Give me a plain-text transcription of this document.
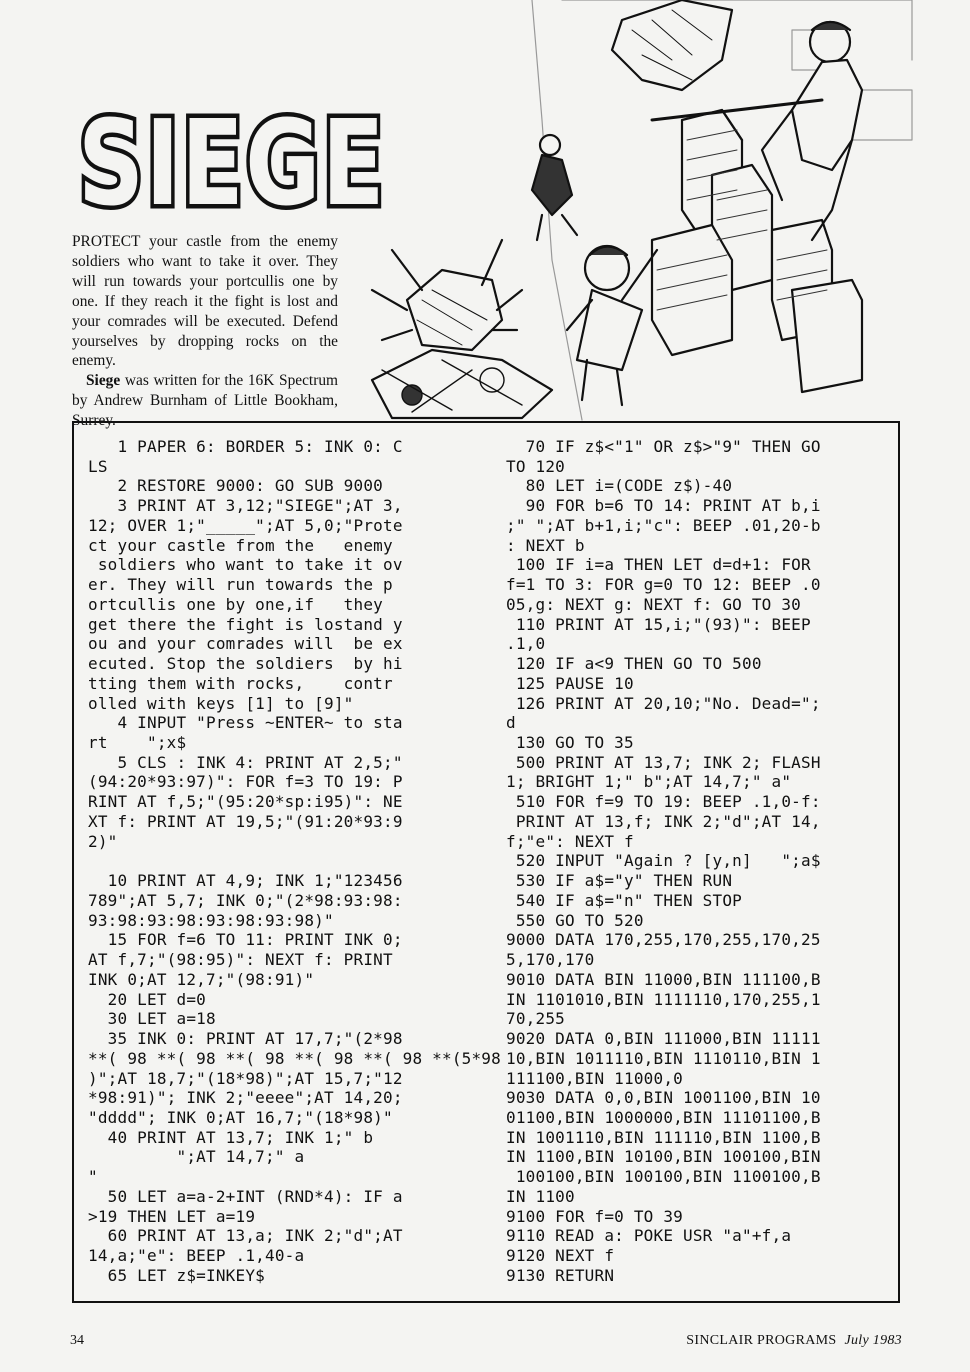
SIEGE

PROTECT your castle from the enemy soldiers who want to take it over. They will run towards your portcullis one by one. If they reach it the fight is lost and your comrades will be executed. Defend yourselves by dropping rocks on the enemy.

Siege was written for the 16K Spectrum by Andrew Burnham of Little Bookham, Surrey.

1 PAPER 6: BORDER 5: INK 0: C
LS
2 RESTORE 9000: GO SUB 9000
3 PRINT AT 3,12;"SIEGE";AT 3,
12; OVER 1;"_____";AT 5,0;"Prote
ct your castle from the   enemy
soldiers who want to take it ov
er. They will run towards the p
ortcullis one by one,if   they
get there the fight is lostand y
ou and your comrades will  be ex
ecuted. Stop the soldiers  by hi
tting them with rocks,    contr
olled with keys [1] to [9]"
4 INPUT "Press ~ENTER~ to sta
rt    ";x$
5 CLS : INK 4: PRINT AT 2,5;"
(94:20*93:97)": FOR f=3 TO 19: P
RINT AT f,5;"(95:20*sp:i95)": NE
XT f: PRINT AT 19,5;"(91:20*93:9
2)"
10 PRINT AT 4,9; INK 1;"123456
789";AT 5,7; INK 0;"(2*98:93:98:
93:98:93:98:93:98:93:98)"
15 FOR f=6 TO 11: PRINT INK 0;
AT f,7;"(98:95)": NEXT f: PRINT
INK 0;AT 12,7;"(98:91)"
20 LET d=0
30 LET a=18
35 INK 0: PRINT AT 17,7;"(2*98
**( 98 **( 98 **( 98 **( 98 **( 98 **(5*98
)";AT 18,7;"(18*98)";AT 15,7;"12
*98:91)"; INK 2;"eeee";AT 14,20;
"dddd"; INK 0;AT 16,7;"(18*98)"
40 PRINT AT 13,7; INK 1;" b
";AT 14,7;" a
"
50 LET a=a-2+INT (RND*4): IF a
>19 THEN LET a=19
60 PRINT AT 13,a; INK 2;"d";AT
14,a;"e": BEEP .1,40-a
65 LET z$=INKEY$
70 IF z$<"1" OR z$>"9" THEN GO
TO 120
80 LET i=(CODE z$)-40
90 FOR b=6 TO 14: PRINT AT b,i
;" ";AT b+1,i;"c": BEEP .01,20-b
: NEXT b
100 IF i=a THEN LET d=d+1: FOR
f=1 TO 3: FOR g=0 TO 12: BEEP .0
05,g: NEXT g: NEXT f: GO TO 30
110 PRINT AT 15,i;"(93)": BEEP
.1,0
120 IF a<9 THEN GO TO 500
125 PAUSE 10
126 PRINT AT 20,10;"No. Dead=";
d
130 GO TO 35
500 PRINT AT 13,7; INK 2; FLASH
1; BRIGHT 1;" b";AT 14,7;" a"
510 FOR f=9 TO 19: BEEP .1,0-f:
PRINT AT 13,f; INK 2;"d";AT 14,
f;"e": NEXT f
520 INPUT "Again ? [y,n]   ";a$
530 IF a$="y" THEN RUN
540 IF a$="n" THEN STOP
550 GO TO 520
9000 DATA 170,255,170,255,170,25
5,170,170
9010 DATA BIN 11000,BIN 111100,B
IN 1101010,BIN 1111110,170,255,1
70,255
9020 DATA 0,BIN 111000,BIN 11111
10,BIN 1011110,BIN 1110110,BIN 1
111100,BIN 11000,0
9030 DATA 0,0,BIN 1001100,BIN 10
01100,BIN 1000000,BIN 11101100,B
IN 1001110,BIN 111110,BIN 1100,B
IN 1100,BIN 10100,BIN 100100,BIN
100100,BIN 100100,BIN 1100100,B
IN 1100
9100 FOR f=0 TO 39
9110 READ a: POKE USR "a"+f,a
9120 NEXT f
9130 RETURN
34	SINCLAIR PROGRAMS July 1983
